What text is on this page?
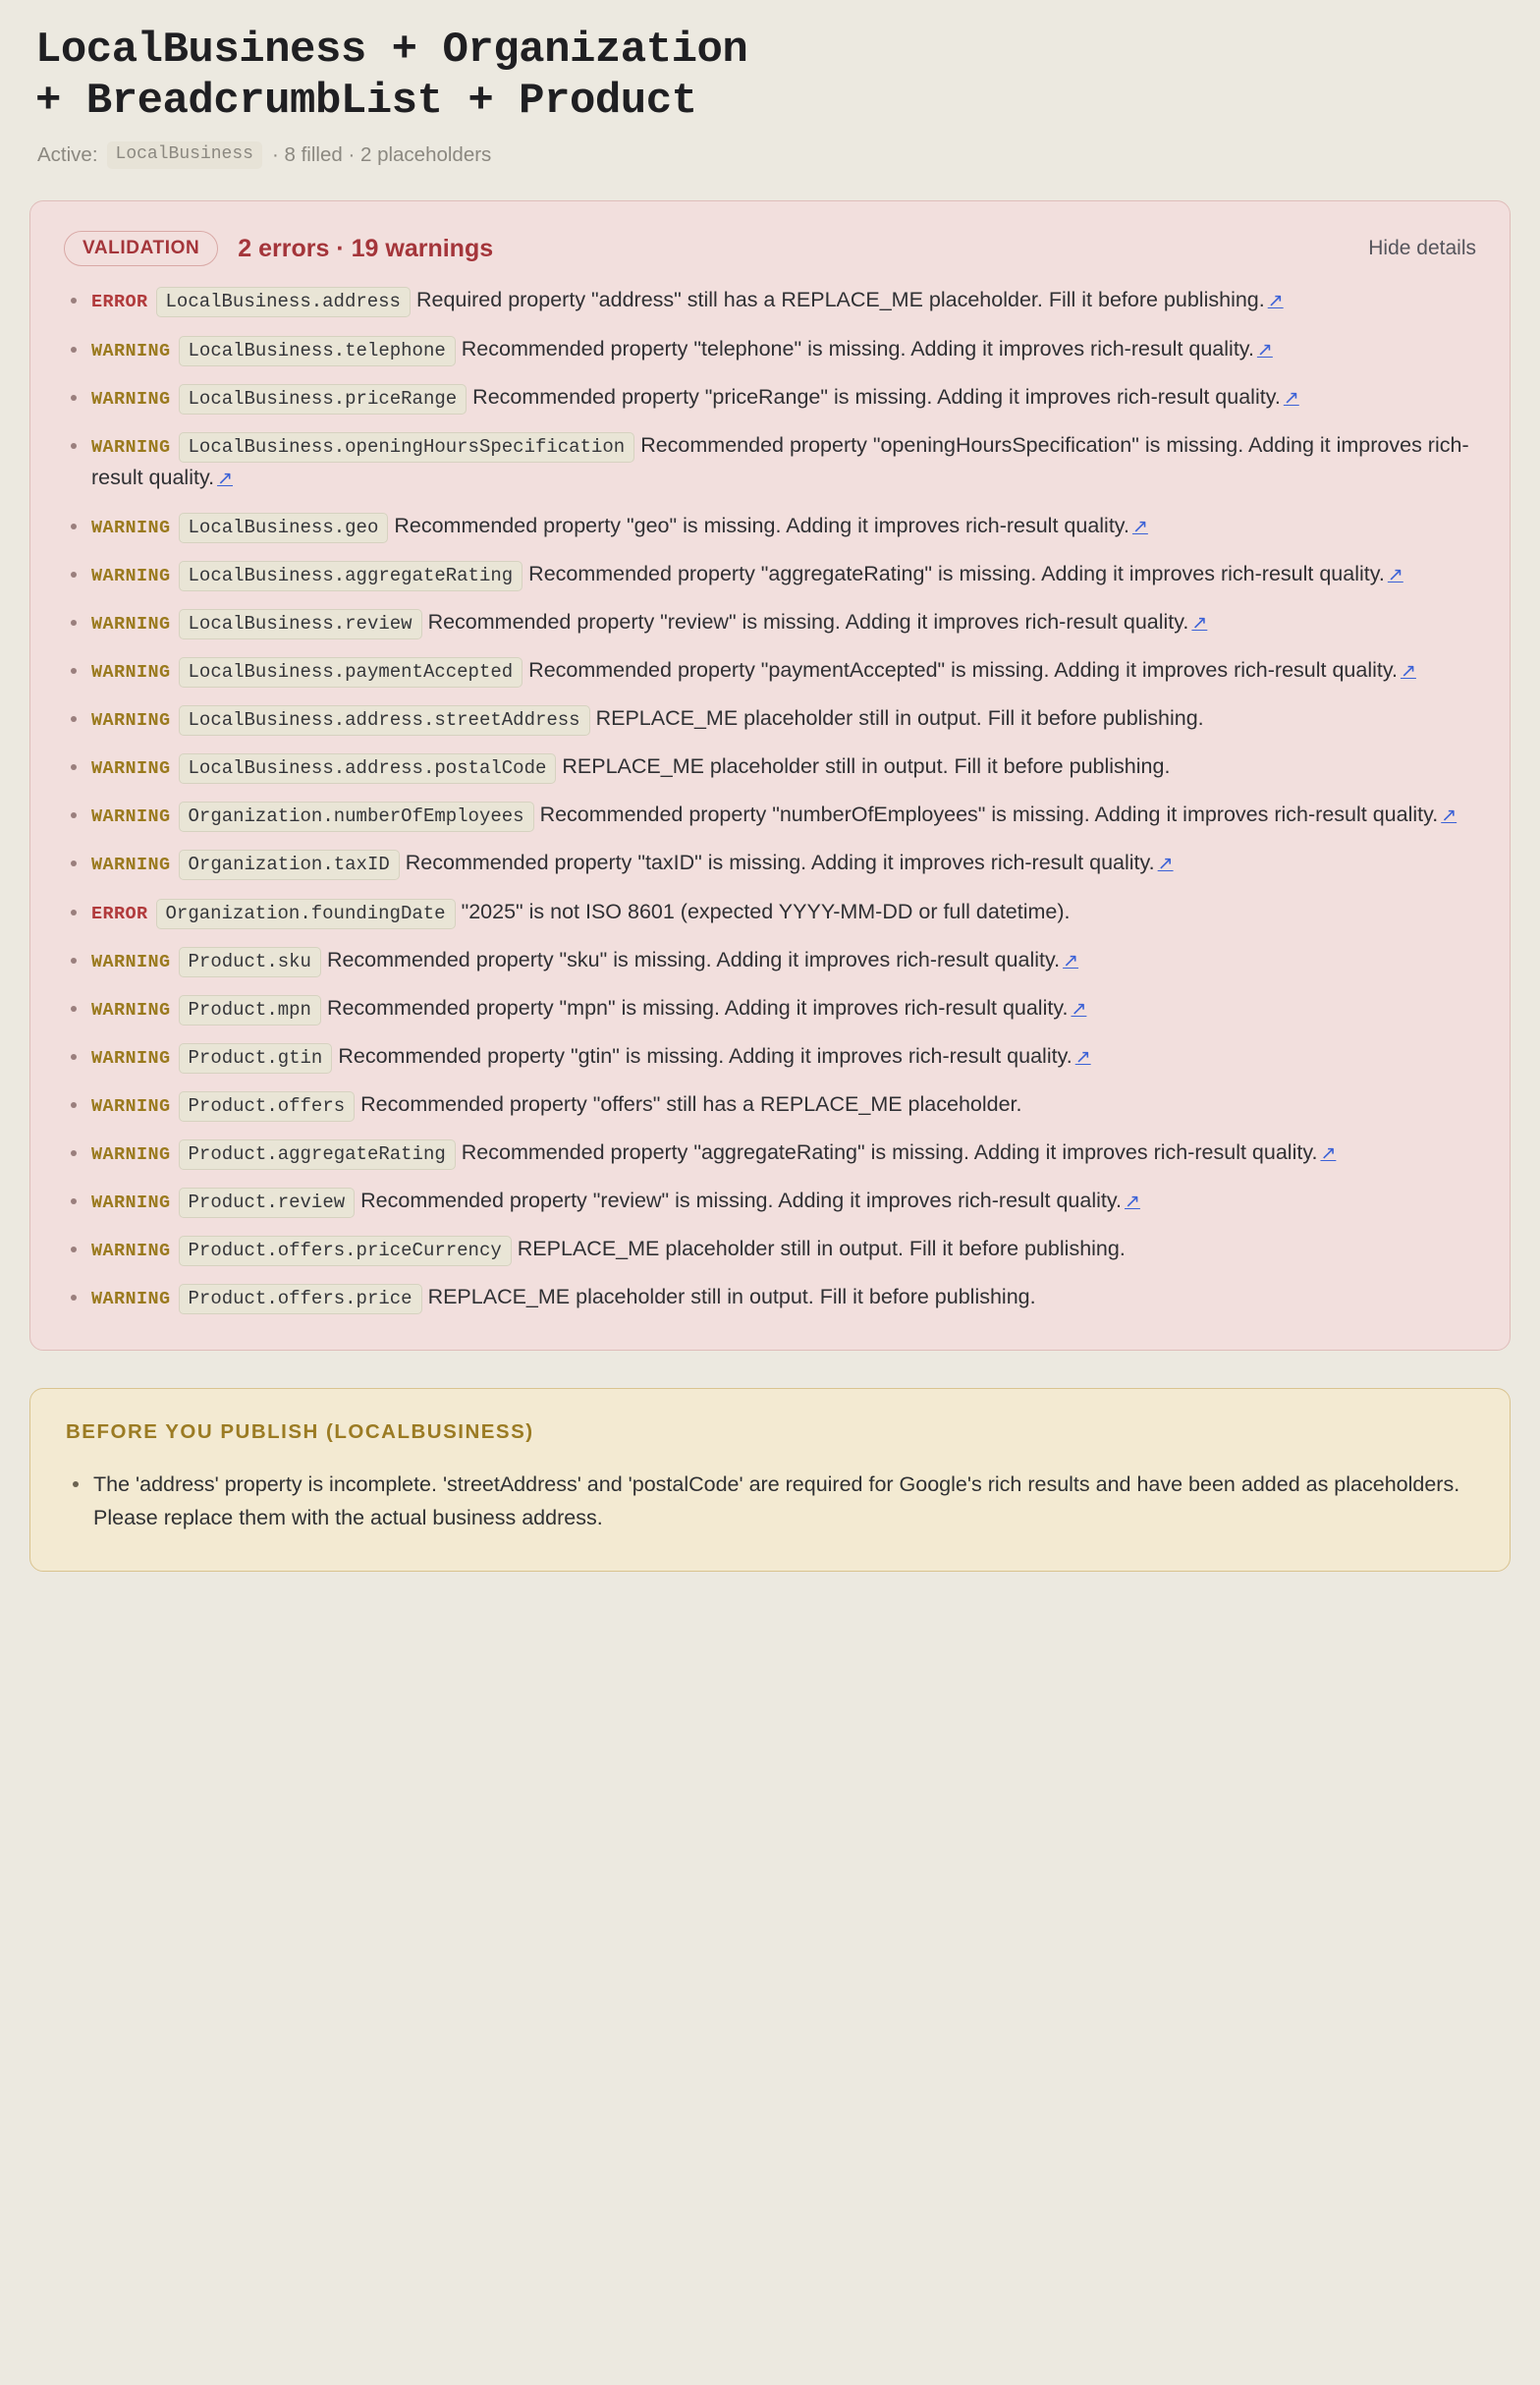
LocalBusiness + Organization
+ BreadcrumbList + Product
Active:	LocalBusiness · 8 filled · 2 placeholders
VALIDATION	2 errors · 19 warnings	Hide details
ERROR LocalBusiness.address Required property "address" still has a REPLACE_ME placeholder. Fill it before publishing. ↗
WARNING LocalBusiness.telephone Recommended property "telephone" is missing. Adding it improves rich-result quality. ↗
WARNING LocalBusiness.priceRange Recommended property "priceRange" is missing. Adding it improves rich-result quality. ↗
WARNING LocalBusiness.openingHoursSpecification Recommended property "openingHoursSpecification" is missing. Adding it improves rich-result quality. ↗
WARNING LocalBusiness.geo Recommended property "geo" is missing. Adding it improves rich-result quality. ↗
WARNING LocalBusiness.aggregateRating Recommended property "aggregateRating" is missing. Adding it improves rich-result quality. ↗
WARNING LocalBusiness.review Recommended property "review" is missing. Adding it improves rich-result quality. ↗
WARNING LocalBusiness.paymentAccepted Recommended property "paymentAccepted" is missing. Adding it improves rich-result quality. ↗
WARNING LocalBusiness.address.streetAddress REPLACE_ME placeholder still in output. Fill it before publishing.
WARNING LocalBusiness.address.postalCode REPLACE_ME placeholder still in output. Fill it before publishing.
WARNING Organization.numberOfEmployees Recommended property "numberOfEmployees" is missing. Adding it improves rich-result quality. ↗
WARNING Organization.taxID Recommended property "taxID" is missing. Adding it improves rich-result quality. ↗
ERROR Organization.foundingDate "2025" is not ISO 8601 (expected YYYY-MM-DD or full datetime).
WARNING Product.sku Recommended property "sku" is missing. Adding it improves rich-result quality. ↗
WARNING Product.mpn Recommended property "mpn" is missing. Adding it improves rich-result quality. ↗
WARNING Product.gtin Recommended property "gtin" is missing. Adding it improves rich-result quality. ↗
WARNING Product.offers Recommended property "offers" still has a REPLACE_ME placeholder.
WARNING Product.aggregateRating Recommended property "aggregateRating" is missing. Adding it improves rich-result quality. ↗
WARNING Product.review Recommended property "review" is missing. Adding it improves rich-result quality. ↗
WARNING Product.offers.priceCurrency REPLACE_ME placeholder still in output. Fill it before publishing.
WARNING Product.offers.price REPLACE_ME placeholder still in output. Fill it before publishing.
BEFORE YOU PUBLISH (LOCALBUSINESS)
The 'address' property is incomplete. 'streetAddress' and 'postalCode' are required for Google's rich results and have been added as placeholders. Please replace them with the actual business address.
